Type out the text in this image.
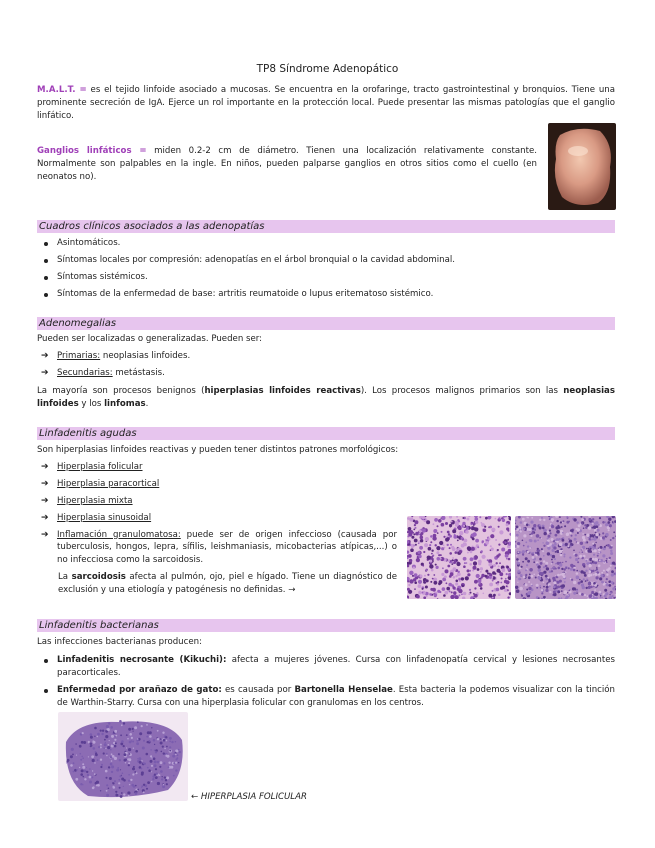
TP8 Síndrome Adenopático

M.A.L.T. = es el tejido linfoide asociado a mucosas. Se encuentra en la orofaringe, tracto gastrointestinal y bronquios. Tiene una prominente secreción de IgA. Ejerce un rol importante en la protección local. Puede presentar las mismas patologías que el ganglio linfático.

Ganglios linfáticos = miden 0.2-2 cm de diámetro. Tienen una localización relativamente constante. Normalmente son palpables en la ingle. En niños, pueden palparse ganglios en otros sitios como el cuello (en neonatos no).

Cuadros clínicos asociados a las adenopatías
Asintomáticos.
Síntomas locales por compresión: adenopatías en el árbol bronquial o la cavidad abdominal.
Síntomas sistémicos.
Síntomas de la enfermedad de base: artritis reumatoide o lupus eritematoso sistémico.
Adenomegalias

Pueden ser localizadas o generalizadas. Pueden ser:

➔ Primarias: neoplasias linfoides.
➔ Secundarias: metástasis.

La mayoría son procesos benignos (hiperplasias linfoides reactivas). Los procesos malignos primarios son las neoplasias linfoides y los linfomas.

Linfadenitis agudas

Son hiperplasias linfoides reactivas y pueden tener distintos patrones morfológicos:

➔ Hiperplasia folicular
➔ Hiperplasia paracortical
➔ Hiperplasia mixta
➔ Hiperplasia sinusoidal
➔ Inflamación granulomatosa: puede ser de origen infeccioso (causada por tuberculosis, hongos, lepra, sífilis, leishmaniasis, micobacterias atípicas,...) o no infecciosa como la sarcoidosis.

La sarcoidosis afecta al pulmón, ojo, piel e hígado. Tiene un diagnóstico de exclusión y una etiología y patogénesis no definidas. →

Linfadenitis bacterianas

Las infecciones bacterianas producen:

Linfadenitis necrosante (Kikuchi): afecta a mujeres jóvenes. Cursa con linfadenopatía cervical y lesiones necrosantes paracorticales.
Enfermedad por arañazo de gato: es causada por Bartonella Henselae. Esta bacteria la podemos visualizar con la tinción de Warthin-Starry. Cursa con una hiperplasia folicular con granulomas en los centros.
← HIPERPLASIA FOLICULAR
